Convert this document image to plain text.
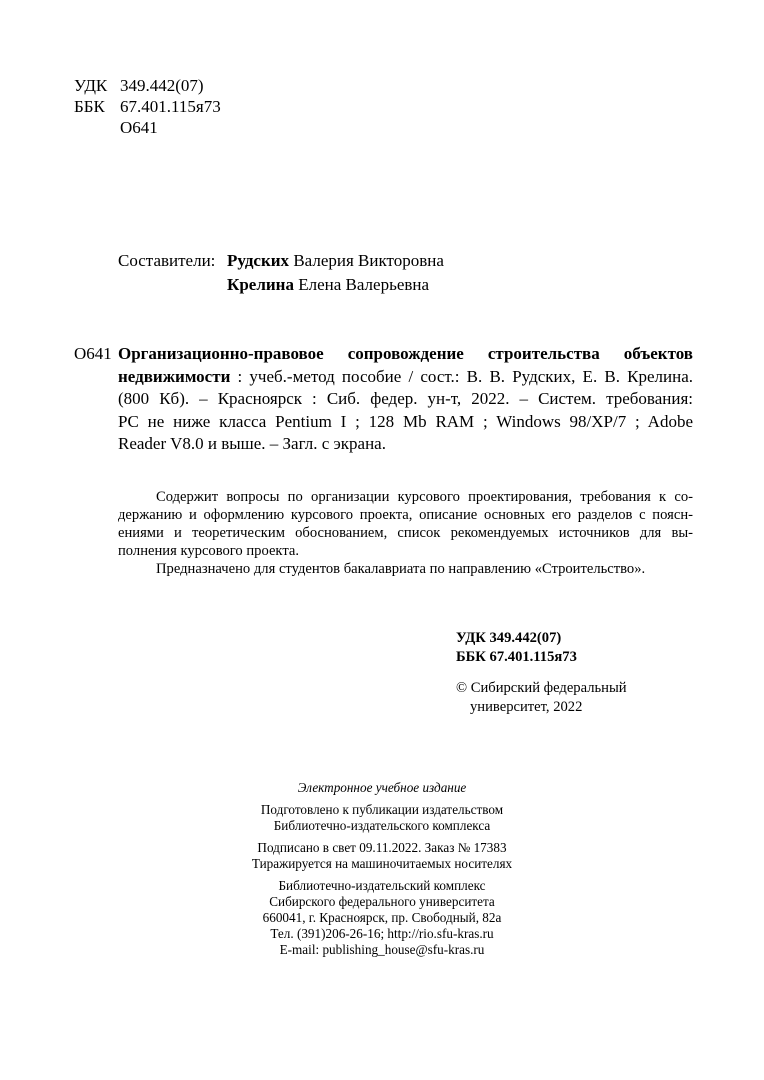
УДК 349.442(07)
ББК 67.401.115я73
О641
Составители: Рудских Валерия Викторовна
Крелина Елена Валерьевна
О641 Организационно-правовое сопровождение строительства объектов
недвижимости : учеб.-метод пособие / сост.: В. В. Рудских, Е. В. Крелина.
(800 Кб). – Красноярск : Сиб. федер. ун-т, 2022. – Систем. требования:
PC не ниже класса Pentium I ; 128 Mb RAM ; Windows 98/XP/7 ; Adobe
Reader V8.0 и выше. – Загл. с экрана.
Содержит вопросы по организации курсового проектирования, требования к со-
держанию и оформлению курсового проекта, описание основных его разделов с поясн-
ениями и теоретическим обоснованием, список рекомендуемых источников для вы-
полнения курсового проекта.
Предназначено для студентов бакалавриата по направлению «Строительство».
УДК 349.442(07)
ББК 67.401.115я73
© Сибирский федеральный
университет, 2022
Электронное учебное издание
Подготовлено к публикации издательством
Библиотечно-издательского комплекса
Подписано в свет 09.11.2022. Заказ № 17383
Тиражируется на машиночитаемых носителях
Библиотечно-издательский комплекс
Сибирского федерального университета
660041, г. Красноярск, пр. Свободный, 82а
Тел. (391)206-26-16; http://rio.sfu-kras.ru
E-mail: publishing_house@sfu-kras.ru
